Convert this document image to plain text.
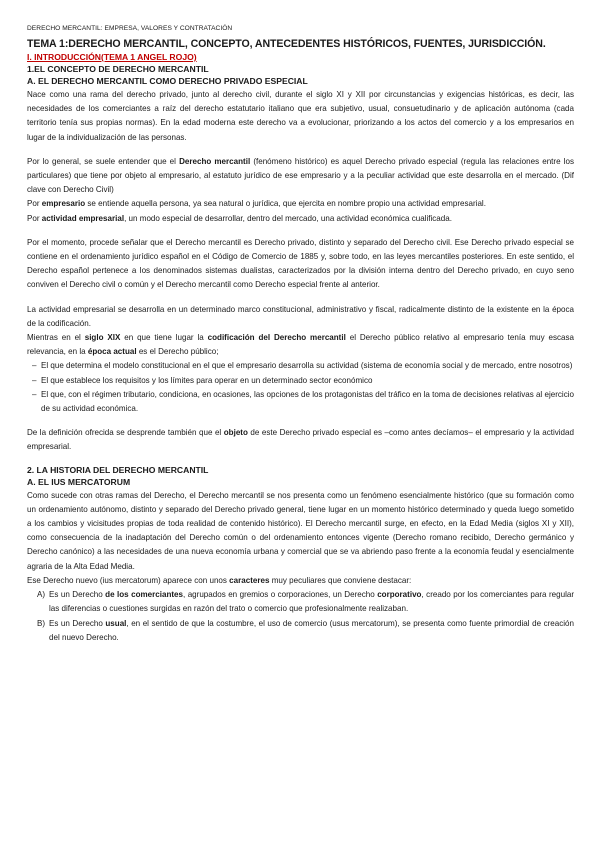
DERECHO MERCANTIL: EMPRESA, VALORES Y CONTRATACIÓN
TEMA 1:DERECHO MERCANTIL, CONCEPTO, ANTECEDENTES HISTÓRICOS, FUENTES, JURISDICCIÓN.
I. INTRODUCCIÓN(TEMA 1 ANGEL ROJO)
1.EL CONCEPTO DE DERECHO MERCANTIL
A. EL DERECHO MERCANTIL COMO DERECHO PRIVADO ESPECIAL

Nace como una rama del derecho privado, junto al derecho civil, durante el siglo XI y XII por circunstancias y exigencias históricas, es decir, las necesidades de los comerciantes a raíz del derecho estatutario italiano que era subjetivo, usual, consuetudinario y de aplicación autónoma (cada territorio tenía sus propias normas). En la edad moderna este derecho va a evolucionar, priorizando a los actos del comercio y a los empresarios en lugar de la individualización de las personas.

Por lo general, se suele entender que el Derecho mercantil (fenómeno histórico) es aquel Derecho privado especial (regula las relaciones entre los particulares) que tiene por objeto al empresario, al estatuto jurídico de ese empresario y a la peculiar actividad que este desarrolla en el mercado. (Dif clave con Derecho Civil)

Por empresario se entiende aquella persona, ya sea natural o jurídica, que ejercita en nombre propio una actividad empresarial.

Por actividad empresarial, un modo especial de desarrollar, dentro del mercado, una actividad económica cualificada.

Por el momento, procede señalar que el Derecho mercantil es Derecho privado, distinto y separado del Derecho civil. Ese Derecho privado especial se contiene en el ordenamiento jurídico español en el Código de Comercio de 1885 y, sobre todo, en las leyes mercantiles posteriores. En este sentido, el Derecho español pertenece a los denominados sistemas dualistas, caracterizados por la división interna dentro del Derecho privado, en cuyo seno conviven el Derecho civil o común y el Derecho mercantil como Derecho especial frente al anterior.

La actividad empresarial se desarrolla en un determinado marco constitucional, administrativo y fiscal, radicalmente distinto de la existente en la época de la codificación.

Mientras en el siglo XIX en que tiene lugar la codificación del Derecho mercantil el Derecho público relativo al empresario tenía muy escasa relevancia, en la época actual es el Derecho público;

– El que determina el modelo constitucional en el que el empresario desarrolla su actividad (sistema de economía social y de mercado, entre nosotros)
– El que establece los requisitos y los límites para operar en un determinado sector económico
– El que, con el régimen tributario, condiciona, en ocasiones, las opciones de los protagonistas del tráfico en la toma de decisiones relativas al ejercicio de su actividad económica.

De la definición ofrecida se desprende también que el objeto de este Derecho privado especial es –como antes decíamos– el empresario y la actividad empresarial.

2. LA HISTORIA DEL DERECHO MERCANTIL
A. EL IUS MERCATORUM

Como sucede con otras ramas del Derecho, el Derecho mercantil se nos presenta como un fenómeno esencialmente histórico (que su formación como un ordenamiento autónomo, distinto y separado del Derecho privado general, tiene lugar en un momento histórico determinado y queda luego sometido a los cambios y vicisitudes propias de toda realidad de contenido histórico). El Derecho mercantil surge, en efecto, en la Edad Media (siglos XI y XII), como consecuencia de la inadaptación del Derecho común o del ordenamiento entonces vigente (Derecho romano recibido, Derecho germánico y Derecho canónico) a las necesidades de una nueva economía urbana y comercial que se va abriendo paso frente a la economía feudal y esencialmente agraria de la Alta Edad Media.

Ese Derecho nuevo (ius mercatorum) aparece con unos caracteres muy peculiares que conviene destacar:

A) Es un Derecho de los comerciantes, agrupados en gremios o corporaciones, un Derecho corporativo, creado por los comerciantes para regular las diferencias o cuestiones surgidas en razón del trato o comercio que profesionalmente realizaban.
B) Es un Derecho usual, en el sentido de que la costumbre, el uso de comercio (usus mercatorum), se presenta como fuente primordial de creación del nuevo Derecho.
